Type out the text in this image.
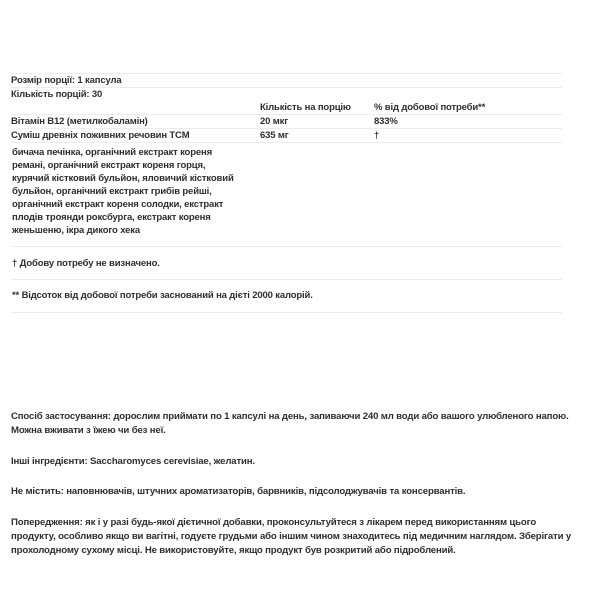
Розмір порції: 1 капсула		
Кількість порцій: 30		
	Кількість на порцію	% від добової потреби**
Вітамін B12 (метилкобаламін)	20 мкг	833%
Суміш древніх поживних речовин TCM	635 мг	†

бичача печінка, органічний екстракт кореня ремані, органічний екстракт кореня горця, курячий кістковий бульйон, яловичий кістковий бульйон, органічний екстракт грибів рейші, органічний екстракт кореня солодки, екстракт плодів троянди роксбурга, екстракт кореня женьшеню, ікра дикого хека		

† Добову потребу не визначено.		
** Відсоток від добової потреби заснований на дієті 2000 калорій.		

Спосіб застосування: дорослим приймати по 1 капсулі на день, запиваючи 240 мл води або вашого улюбленого напою. Можна вживати з їжею чи без неї.

Інші інгредієнти: Saccharomyces cerevisiae, желатин.

Не містить: наповнювачів, штучних ароматизаторів, барвників, підсолоджувачів та консервантів.

Попередження: як і у разі будь-якої дієтичної добавки, проконсультуйтеся з лікарем перед використанням цього продукту, особливо якщо ви вагітні, годуєте грудьми або іншим чином знаходитесь під медичним наглядом. Зберігати у прохолодному сухому місці. Не використовуйте, якщо продукт був розкритий або підроблений.
